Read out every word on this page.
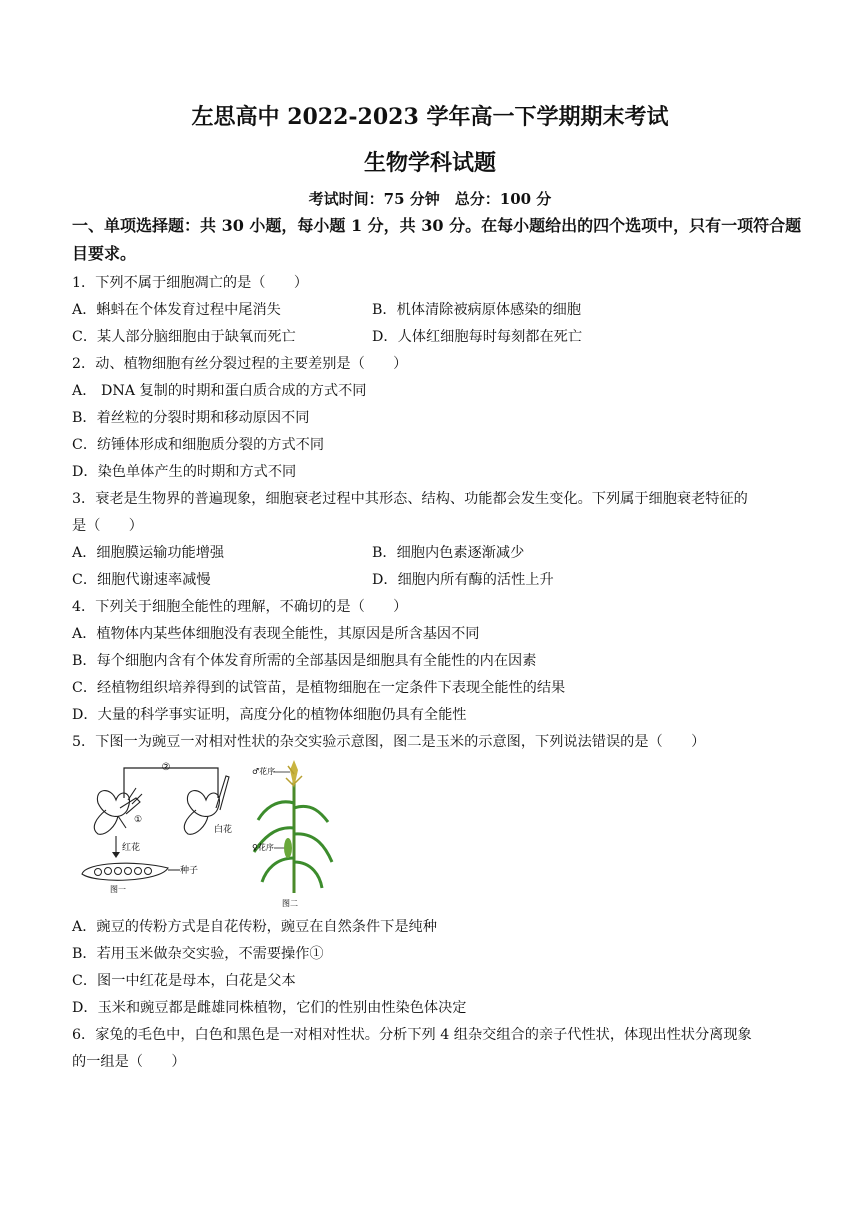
左思高中 2022-2023 学年高一下学期期末考试
生物学科试题
考试时间：75 分钟　总分：100 分
一、单项选择题：共 30 小题，每小题 1 分，共 30 分。在每小题给出的四个选项中，只有一项符合题目要求。
1．下列不属于细胞凋亡的是（　　）
A．蝌蚪在个体发育过程中尾消失	B．机体清除被病原体感染的细胞
C．某人部分脑细胞由于缺氧而死亡	D．人体红细胞每时每刻都在死亡
2．动、植物细胞有丝分裂过程的主要差别是（　　）
A． DNA 复制的时期和蛋白质合成的方式不同
B．着丝粒的分裂时期和移动原因不同
C．纺锤体形成和细胞质分裂的方式不同
D．染色单体产生的时期和方式不同
3．衰老是生物界的普遍现象，细胞衰老过程中其形态、结构、功能都会发生变化。下列属于细胞衰老特征的
是（　　）
A．细胞膜运输功能增强	B．细胞内色素逐渐减少
C．细胞代谢速率减慢	D．细胞内所有酶的活性上升
4．下列关于细胞全能性的理解，不确切的是（　　）
A．植物体内某些体细胞没有表现全能性，其原因是所含基因不同
B．每个细胞内含有个体发育所需的全部基因是细胞具有全能性的内在因素
C．经植物组织培养得到的试管苗，是植物细胞在一定条件下表现全能性的结果
D．大量的科学事实证明，高度分化的植物体细胞仍具有全能性
5．下图一为豌豆一对相对性状的杂交实验示意图，图二是玉米的示意图，下列说法错误的是（　　）
②
①
红花
种子
图一
白花
♂花序
♀花序
图二
A．豌豆的传粉方式是自花传粉，豌豆在自然条件下是纯种
B．若用玉米做杂交实验，不需要操作①
C．图一中红花是母本，白花是父本
D．玉米和豌豆都是雌雄同株植物，它们的性别由性染色体决定
6．家兔的毛色中，白色和黑色是一对相对性状。分析下列 4 组杂交组合的亲子代性状，体现出性状分离现象
的一组是（　　）
